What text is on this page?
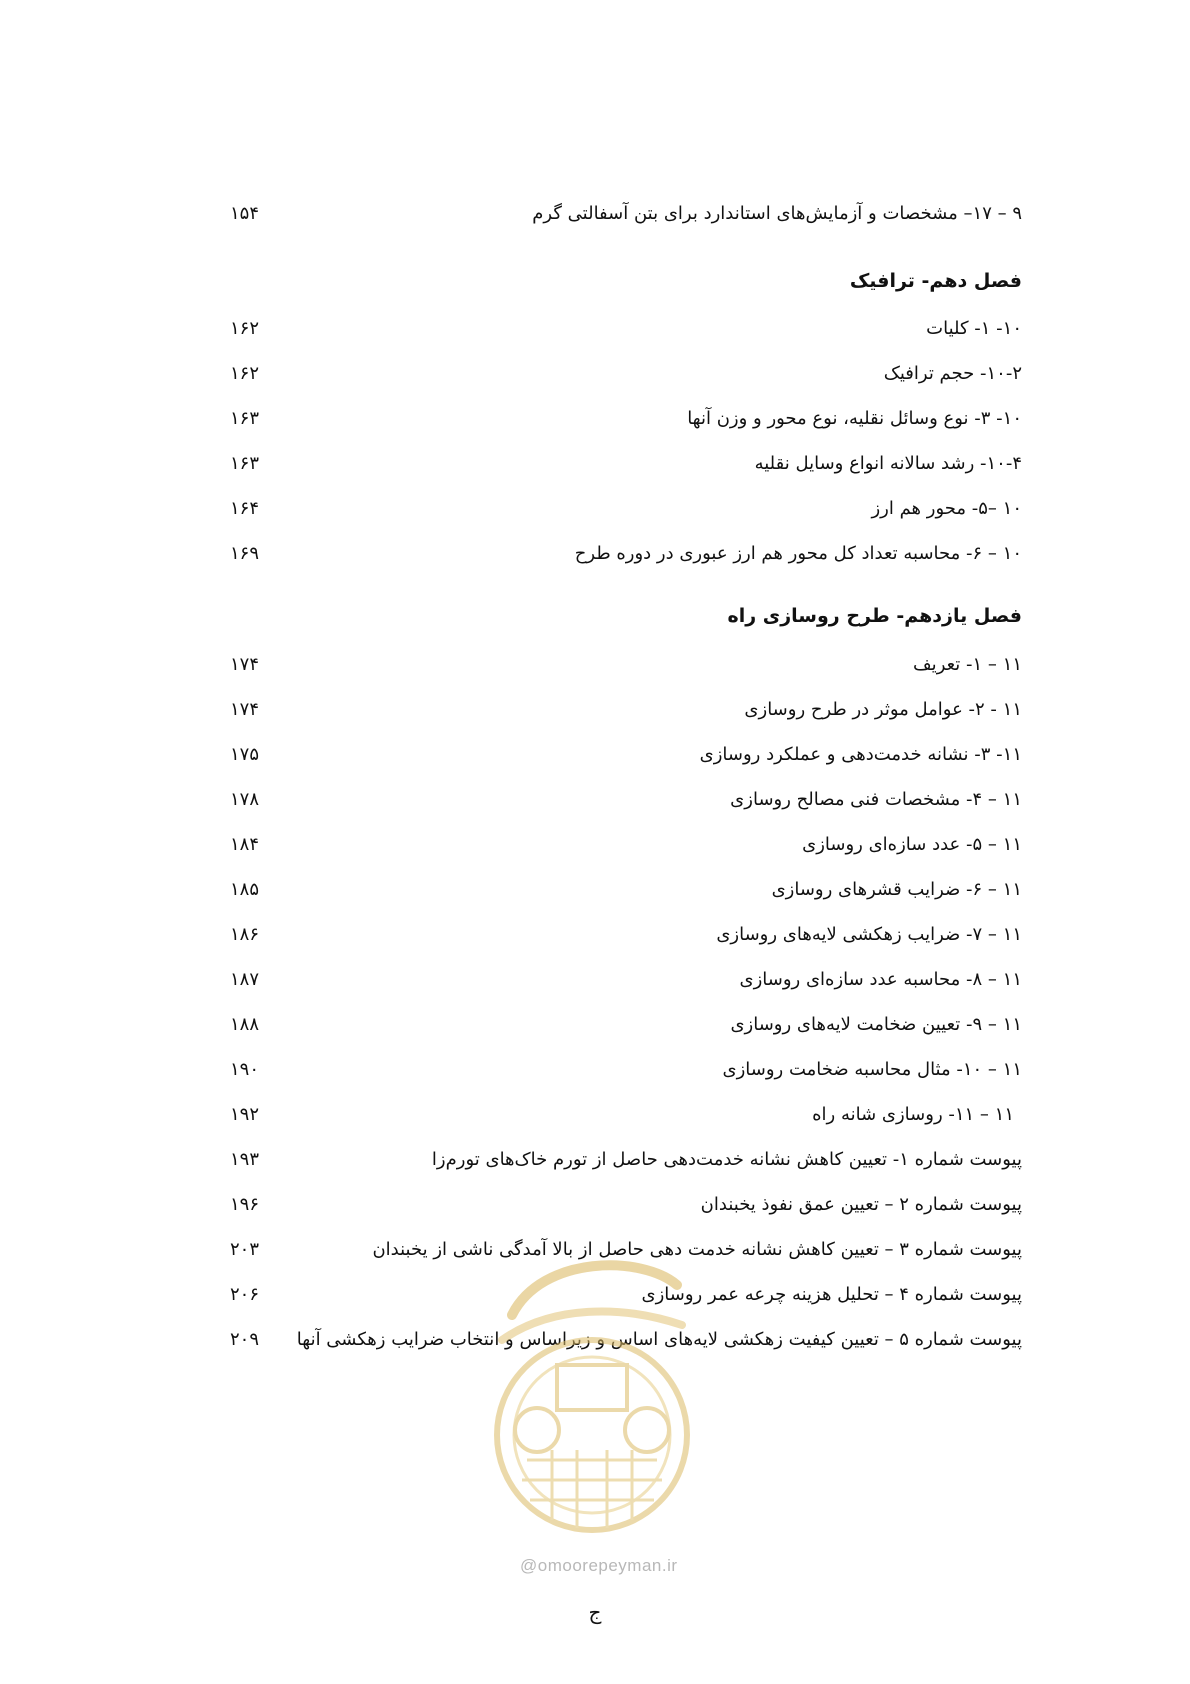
۹ – ۱۷– مشخصات و آزمایش‌های استاندارد برای بتن آسفالتی گرم
۱۵۴
فصل دهم- ترافیک
۱۰- ۱- کلیات
۱۶۲
۱۰-۲- حجم ترافیک
۱۶۲
۱۰- ۳- نوع وسائل نقلیه، نوع محور و وزن آنها
۱۶۳
۱۰-۴- رشد سالانه انواع وسایل نقلیه
۱۶۳
۱۰ –۵- محور هم ارز
۱۶۴
۱۰ – ۶- محاسبه تعداد کل محور هم ارز عبوری در دوره طرح
۱۶۹
فصل یازدهم- طرح روسازی راه
۱۱ – ۱- تعریف
۱۷۴
۱۱ - ۲- عوامل موثر در طرح روسازی
۱۷۴
۱۱- ۳- نشانه خدمت‌دهی و عملکرد روسازی
۱۷۵
۱۱ – ۴- مشخصات فنی مصالح روسازی
۱۷۸
۱۱ – ۵- عدد سازه‌ای روسازی
۱۸۴
۱۱ – ۶- ضرایب قشرهای روسازی
۱۸۵
۱۱ – ۷- ضرایب زهکشی لایه‌های روسازی
۱۸۶
۱۱ – ۸- محاسبه عدد سازه‌ای روسازی
۱۸۷
۱۱ – ۹- تعیین ضخامت لایه‌های روسازی
۱۸۸
۱۱ – ۱۰- مثال محاسبه ضخامت روسازی
۱۹۰
۱۱ – ۱۱- روسازی شانه راه
۱۹۲
پیوست شماره ۱- تعیین کاهش نشانه خدمت‌دهی حاصل از تورم خاک‌های تورم‌زا
۱۹۳
پیوست شماره ۲ – تعیین عمق نفوذ یخبندان
۱۹۶
پیوست شماره ۳ – تعیین کاهش نشانه خدمت دهی حاصل از بالا آمدگی ناشی از یخبندان
۲۰۳
پیوست شماره ۴ – تحلیل هزینه چرعه عمر روسازی
۲۰۶
پیوست شماره ۵ – تعیین کیفیت زهکشی لایه‌های اساس و زیراساس و انتخاب ضرایب زهکشی آنها
۲۰۹
@omoorepeyman.ir
ج
